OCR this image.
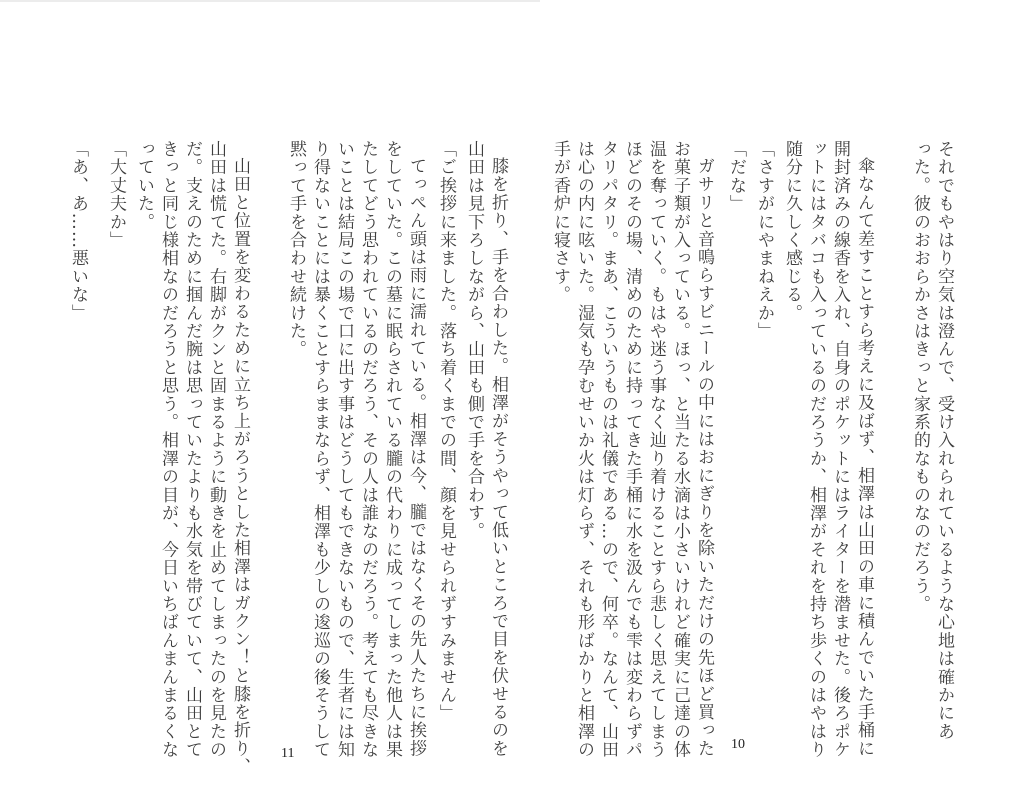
それでもやはり空気は澄んで、受け入れられているような心地は確かにあ
った。彼のおおらかさはきっと家系的なものなのだろう。
傘なんて差すことすら考えに及ばず、相澤は山田の車に積んでいた手桶に
開封済みの線香を入れ、自身のポケットにはライターを潜ませた。後ろポケ
ットにはタバコも入っているのだろうか、相澤がそれを持ち歩くのはやはり
随分に久しく感じる。
「さすがにやまねえか」
「だな」
ガサリと音鳴らすビニールの中にはおにぎりを除いただけの先ほど買った
お菓子類が入っている。ほっ、と当たる水滴は小さいけれど確実に己達の体
温を奪っていく。もはや迷う事なく辿り着けることすら悲しく思えてしまう
ほどのその場、清めのために持ってきた手桶に水を汲んでも雫は変わらずパ
タリパタリ。まあ、こういうものは礼儀である…ので、何卒。なんて、山田
は心の内に呟いた。湿気も孕むせいか火は灯らず、それも形ばかりと相澤の
手が香炉に寝さす。
10
膝を折り、手を合わした。相澤がそうやって低いところで目を伏せるのを
山田は見下ろしながら、山田も側で手を合わす。
「ご挨拶に来ました。落ち着くまでの間、顔を見せられずすみません」
てっぺん頭は雨に濡れている。相澤は今、朧ではなくその先人たちに挨拶
をしていた。この墓に眠らされている朧の代わりに成ってしまった他人は果
たしてどう思われているのだろう、その人は誰なのだろう。考えても尽きな
いことは結局この場で口に出す事はどうしてもできないもので、生者には知
り得ないことには暴くことすらままならず、相澤も少しの逡巡の後そうして
黙って手を合わせ続けた。
山田と位置を変わるために立ち上がろうとした相澤はガクン！と膝を折り、
山田は慌てた。右脚がクンと固まるように動きを止めてしまったのを見たの
だ。支えのために掴んだ腕は思っていたよりも水気を帯びていて、山田とて
きっと同じ様相なのだろうと思う。相澤の目が、今日いちばんまんまるくな
っていた。
「大丈夫か」
「あ、あ……悪いな」
11
